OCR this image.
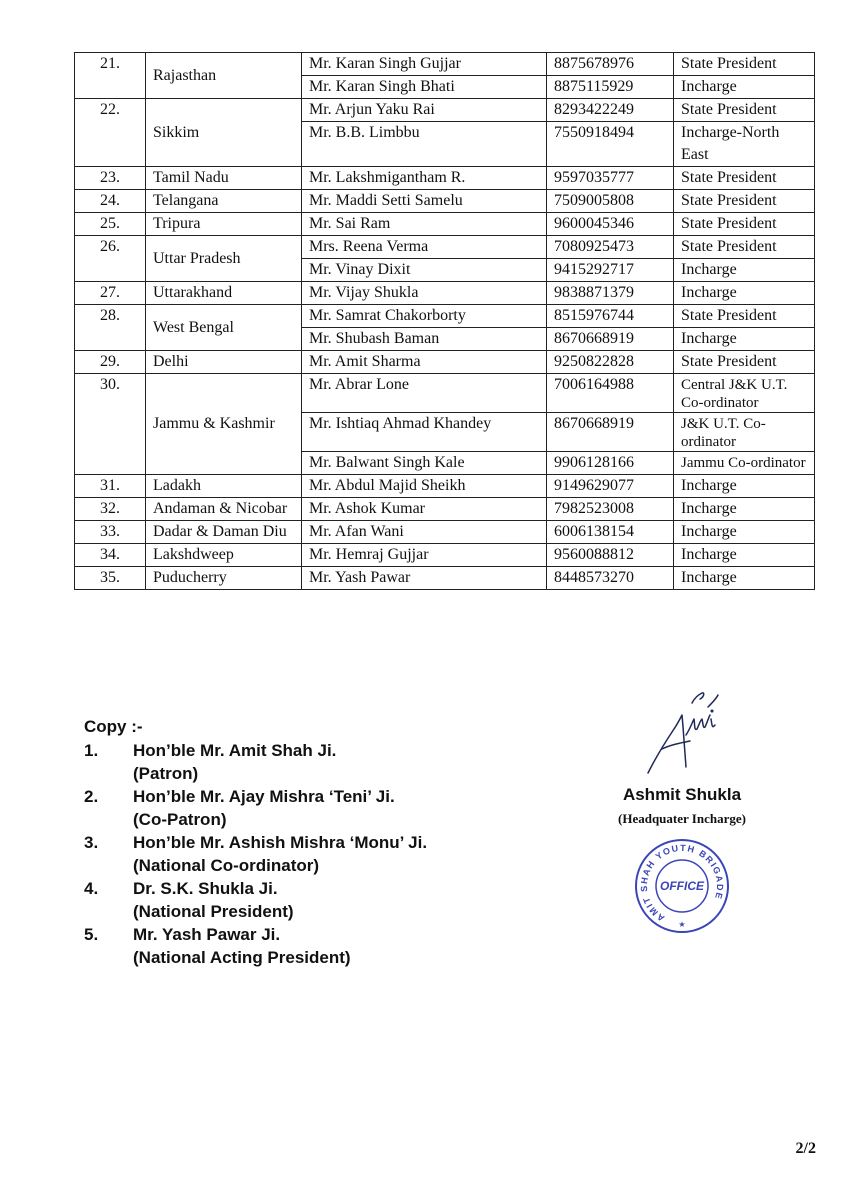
21.	Rajasthan	Mr. Karan Singh Gujjar	8875678976	State President
		Mr. Karan Singh Bhati	8875115929	Incharge
22.	Sikkim	Mr. Arjun Yaku Rai	8293422249	State President
		Mr. B.B. Limbbu	7550918494	Incharge-North East
23.	Tamil Nadu	Mr. Lakshmigantham R.	9597035777	State President
24.	Telangana	Mr. Maddi Setti Samelu	7509005808	State President
25.	Tripura	Mr. Sai Ram	9600045346	State President
26.	Uttar Pradesh	Mrs. Reena Verma	7080925473	State President
		Mr. Vinay Dixit	9415292717	Incharge
27.	Uttarakhand	Mr. Vijay Shukla	9838871379	Incharge
28.	West Bengal	Mr. Samrat Chakorborty	8515976744	State President
		Mr. Shubash Baman	8670668919	Incharge
29.	Delhi	Mr. Amit Sharma	9250822828	State President
30.	Jammu & Kashmir	Mr. Abrar Lone	7006164988	Central J&K U.T. Co-ordinator
		Mr. Ishtiaq Ahmad Khandey	8670668919	J&K U.T. Co-ordinator
		Mr. Balwant Singh Kale	9906128166	Jammu Co-ordinator
31.	Ladakh	Mr. Abdul Majid Sheikh	9149629077	Incharge
32.	Andaman & Nicobar	Mr. Ashok Kumar	7982523008	Incharge
33.	Dadar & Daman Diu	Mr. Afan Wani	6006138154	Incharge
34.	Lakshdweep	Mr. Hemraj Gujjar	9560088812	Incharge
35.	Puducherry	Mr. Yash Pawar	8448573270	Incharge
Copy :-
1.	Hon’ble Mr. Amit Shah Ji.
(Patron)
2.	Hon’ble Mr. Ajay Mishra ‘Teni’ Ji.
(Co-Patron)
3.	Hon’ble Mr. Ashish Mishra ‘Monu’ Ji.
(National Co-ordinator)
4.	Dr. S.K. Shukla Ji.
(National President)
5.	Mr. Yash Pawar Ji.
(National Acting President)
Ashmit Shukla
(Headquater Incharge)
AMIT SHAH YOUTH BRIGADE
OFFICE
★
2/2
